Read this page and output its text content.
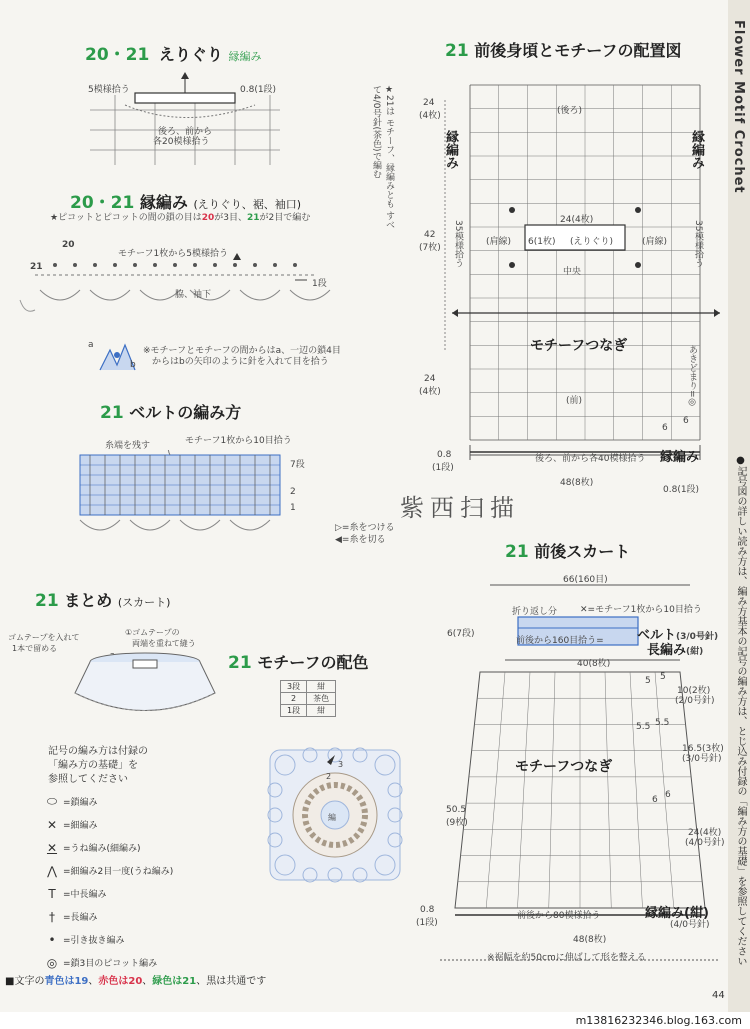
Flower Motif Crochet
●記号図の詳しい読み方は、編み方基本の記号の編み方は、とじ込み付録の「編み方の基礎」を参照してください
20・21 えりぐり 縁編み
5模様拾う	0.8(1段)
後ろ、前から
各20模様拾う
20・21 縁編み (えりぐり、裾、袖口)
★ピコットとピコットの間の鎖の目は20が3目、21が2目で編む
20
21
モチーフ1枚から5模様拾う
1段
脇、袖下
a
b
※モチーフとモチーフの間からはa、一辺の鎖4目
からはbの矢印のように針を入れて目を拾う
21 ベルトの編み方
糸端を残す	モチーフ1枚から10目拾う
7段
2
1
▷=糸をつける
◀=糸を切る
21 まとめ (スカート)
ゴムテープを入れて
1本で留める
①ゴムテープの
両端を重ねて縫う
記号の編み方は付録の
「編み方の基礎」を
参照してください
⬭ =鎖編み
✕ =細編み
✕ =うね編み(細編み)
⋀ =細編み2目一度(うね編み)
T =中長編み
† =長編み
• =引き抜き編み
◎ =鎖3目のピコット編み
21 モチーフの配色
3段	紺
2	茶色
1段	紺
3
2
編
紫西扫描
21 前後身頃とモチーフの配置図
★21は モチーフ、縁編みとも すべて4/0号針(茶色)で編む	(後ろ)
(前)
縁編み	縁編み
24(4枚)
6(1枚) (えりぐり)
(肩線)	(肩線)
中央
モチーフつなぎ
24
(4枚)
42
(7枚)
24
(4枚)
0.8
(1段)
35模様拾う	35模様拾う
あきどまり=◎
6
6
後ろ、前から各40模様拾う 縁編み
48(8枚)
0.8(1段)
21 前後スカート
66(160目)
折り返し分	✕=モチーフ1枚から10目拾う
前後から160目拾う=	ベルト(3/0号針)
長編み(紺)
6(7段)
40(8枚)
5 5
5.5 5.5
6 6
10(2枚)
(2/0号針)
16.5(3枚)
(3/0号針)
24(4枚)
(4/0号針)
モチーフつなぎ
50.5
(9枚)
0.8
(1段)
前後から80模様拾う	縁編み(紺)
(4/0号針)
48(8枚)
※裾幅を約50cmに伸ばして形を整える
■文字の青色は19、赤色は20、緑色は21、黒は共通です
44
m13816232346.blog.163.com
